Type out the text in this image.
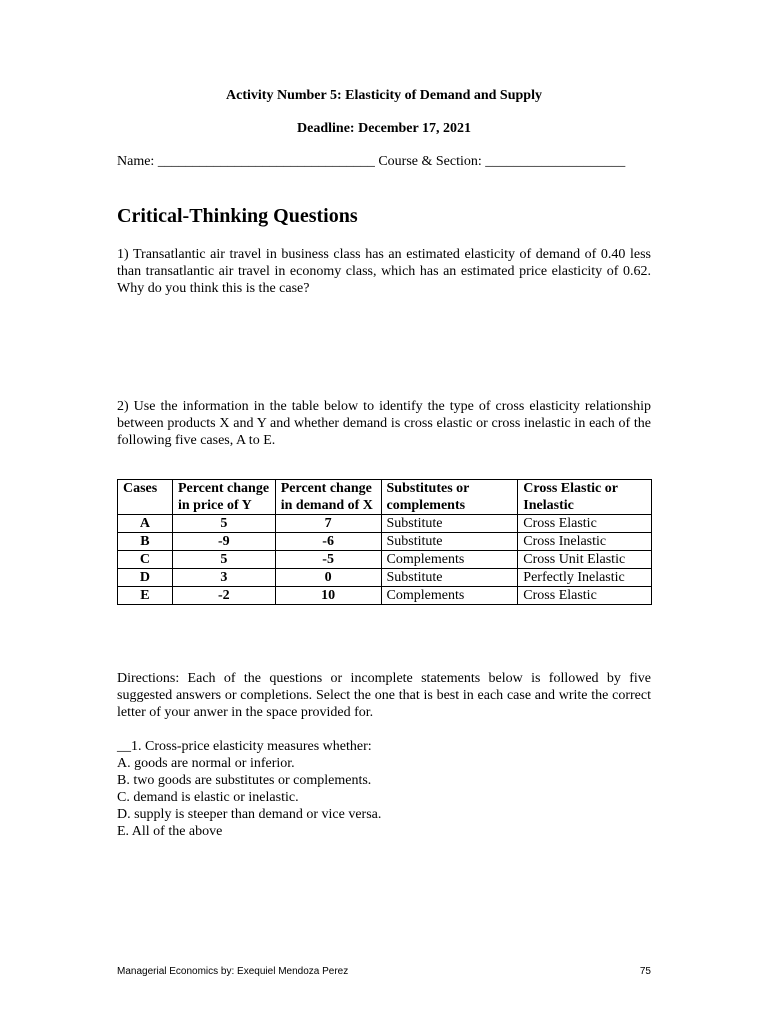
Activity Number 5: Elasticity of Demand and Supply
Deadline: December 17, 2021
Name: _______________________________ Course & Section: ____________________
Critical-Thinking Questions
1) Transatlantic air travel in business class has an estimated elasticity of demand of 0.40 less than transatlantic air travel in economy class, which has an estimated price elasticity of 0.62. Why do you think this is the case?
2) Use the information in the table below to identify the type of cross elasticity relationship between products X and Y and whether demand is cross elastic or cross inelastic in each of the following five cases, A to E.
Cases	Percent change in price of Y	Percent change in demand of X	Substitutes or complements	Cross Elastic or Inelastic
A	5	7	Substitute	Cross Elastic
B	-9	-6	Substitute	Cross Inelastic
C	5	-5	Complements	Cross Unit Elastic
D	3	0	Substitute	Perfectly Inelastic
E	-2	10	Complements	Cross Elastic
Directions: Each of the questions or incomplete statements below is followed by five suggested answers or completions. Select the one that is best in each case and write the correct letter of your anwer in the space provided for.
__1. Cross-price elasticity measures whether:
A. goods are normal or inferior.
B. two goods are substitutes or complements.
C. demand is elastic or inelastic.
D. supply is steeper than demand or vice versa.
E. All of the above
Managerial Economics by: Exequiel Mendoza Perez	75
